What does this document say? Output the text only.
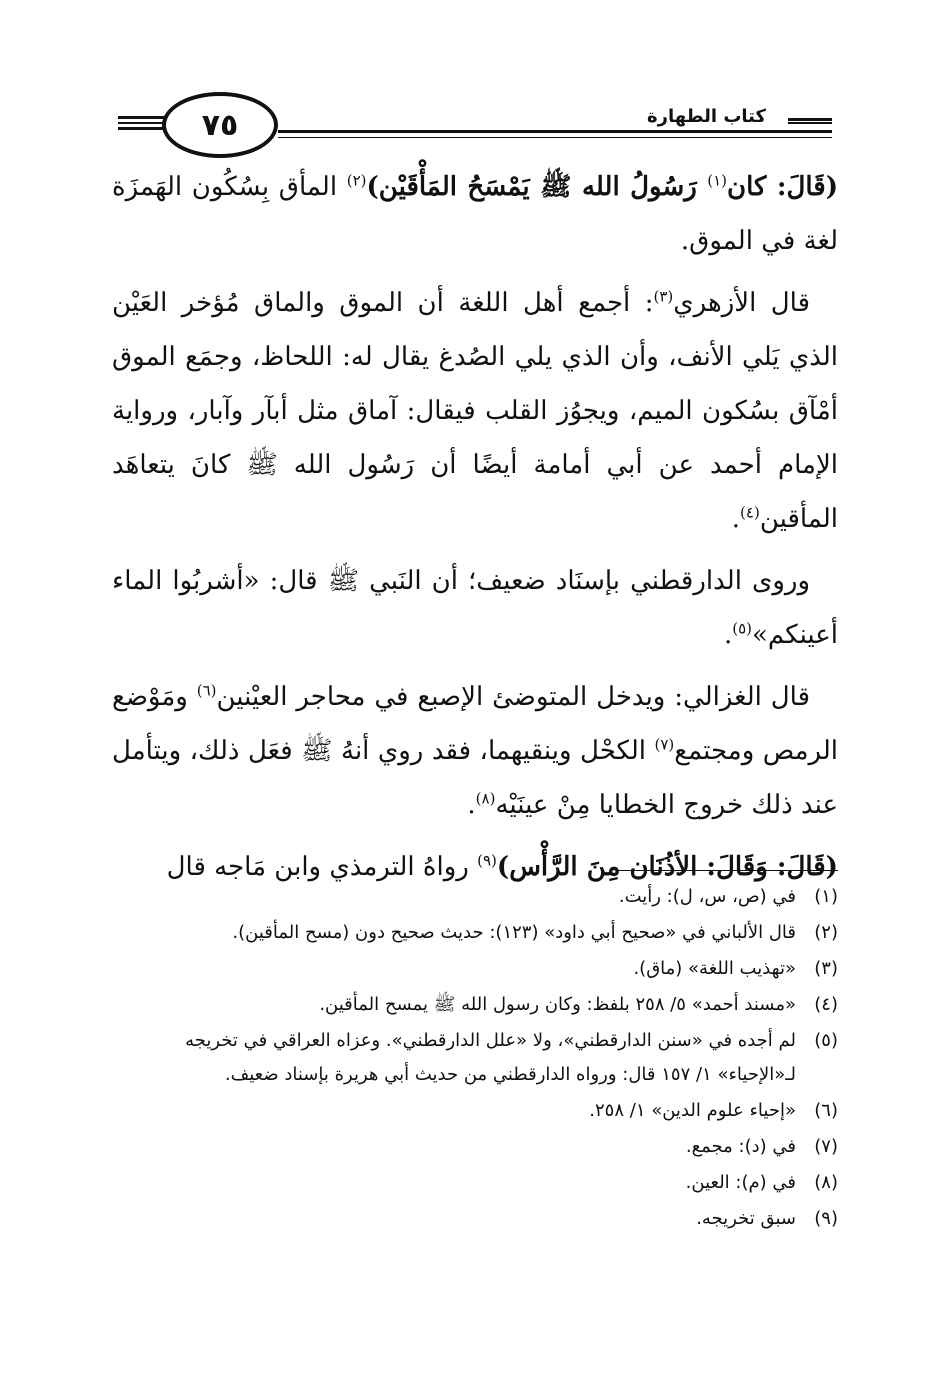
٧٥	كتاب الطهارة

(قَالَ: كان$^{(١)}$ رَسُولُ الله ﷺ يَمْسَحُ المَأْقَيْن)$^{(٢)}$ المأق بِسُكُون الهَمزَة لغة في الموق.

قال الأزهري$^{(٣)}$: أجمع أهل اللغة أن الموق والماق مُؤخر العَيْن الذي يَلي الأنف، وأن الذي يلي الصُدغ يقال له: اللحاظ، وجمَع الموق أمْآق بسُكون الميم، ويجوُز القلب فيقال: آماق مثل أبآر وآبار، ورواية الإمام أحمد عن أبي أمامة أيضًا أن رَسُول الله ﷺ كانَ يتعاهَد المأقين$^{(٤)}$.

وروى الدارقطني بإسنَاد ضعيف؛ أن النَبي ﷺ قال: «أشربُوا الماء أعينكم»$^{(٥)}$.

قال الغزالي: ويدخل المتوضئ الإصبع في محاجر العيْنين$^{(٦)}$ ومَوْضع الرمص ومجتمع$^{(٧)}$ الكحْل وينقيهما، فقد روي أنهُ ﷺ فعَل ذلك، ويتأمل عند ذلك خروج الخطايا مِنْ عينَيْه$^{(٨)}$.

(قَالَ: وَقَالَ: الأذُنَان مِنَ الرَّأْس)$^{(٩)}$ رواهُ الترمذي وابن مَاجه قال

(١)
في (ص، س، ل): رأيت.
(٢)
قال الألباني في «صحيح أبي داود» (١٢٣): حديث صحيح دون (مسح المأقين).
(٣)
«تهذيب اللغة» (ماق).
(٤)
«مسند أحمد» ٥/ ٢٥٨ بلفظ: وكان رسول الله ﷺ يمسح المأقين.
(٥)
لم أجده في «سنن الدارقطني»، ولا «علل الدارقطني». وعزاه العراقي في تخريجه لـ«الإحياء» ١/ ١٥٧ قال: ورواه الدارقطني من حديث أبي هريرة بإسناد ضعيف.
(٦)
«إحياء علوم الدين» ١/ ٢٥٨.
(٧)
في (د): مجمع.
(٨)
في (م): العين.
(٩)
سبق تخريجه.
